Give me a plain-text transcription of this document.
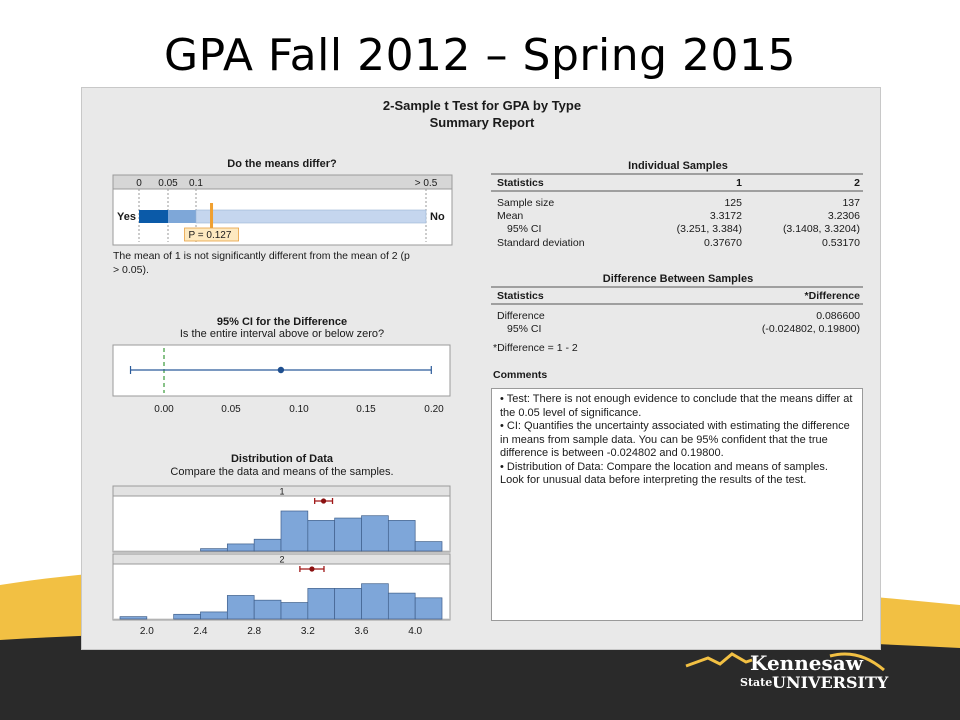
GPA Fall 2012 – Spring 2015
2-Sample t Test for GPA by Type
Summary Report
Do the means differ?
0 0.05 0.1	> 0.5
Yes	No
P = 0.127
The mean of 1 is not significantly different from the mean of 2 (p
> 0.05).
95% CI for the Difference
Is the entire interval above or below zero?
0.00	0.05	0.10	0.15	0.20
Distribution of Data
Compare the data and means of the samples.
1
2
2.0	2.4	2.8	3.2	3.6	4.0
Individual Samples
Statistics	1	2
Sample size	125	137
Mean	3.3172	3.2306
95% CI	(3.251, 3.384)	(3.1408, 3.3204)
Standard deviation	0.37670	0.53170
Difference Between Samples
Statistics	*Difference
Difference	0.086600
95% CI	(-0.024802, 0.19800)
*Difference = 1 - 2
Comments

• Test: There is not enough evidence to conclude that the means differ at the 0.05 level of significance.

• CI: Quantifies the uncertainty associated with estimating the difference in means from sample data. You can be 95% confident that the true difference is between -0.024802 and 0.19800.

• Distribution of Data: Compare the location and means of samples. Look for unusual data before interpreting the results of the test.

Kennesaw
State UNIVERSITY
